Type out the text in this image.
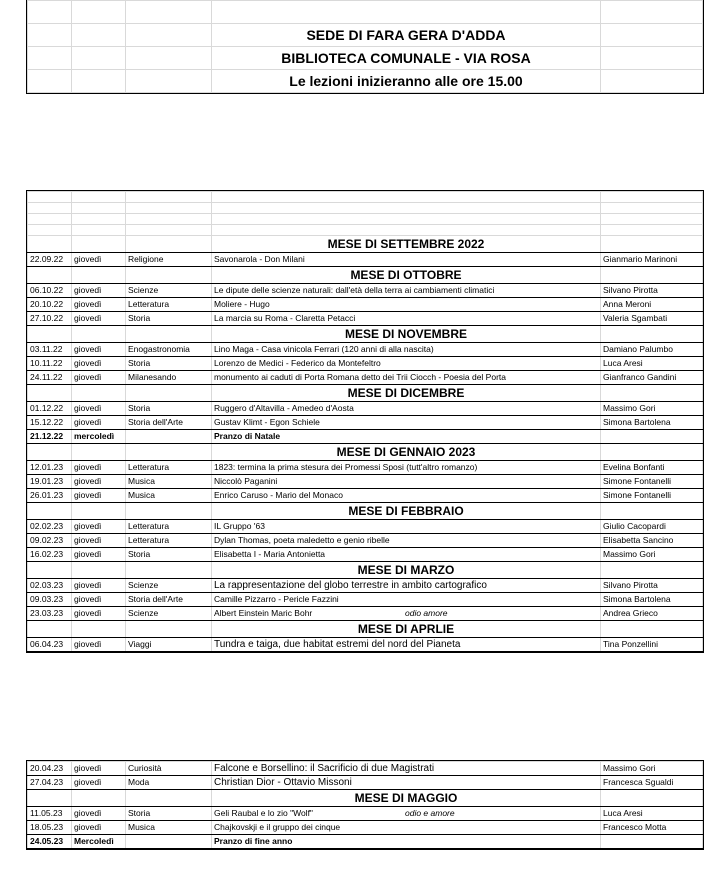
			SEDE DI FARA GERA D'ADDA	
			BIBLIOTECA COMUNALE - VIA ROSA	
			Le lezioni inizieranno alle ore 15.00	

			MESE DI SETTEMBRE 2022	
22.09.22	giovedì	Religione	Savonarola - Don Milani	Gianmario Marinoni
			MESE DI OTTOBRE	
06.10.22	giovedì	Scienze	Le dipute delle scienze naturali: dall'età della terra ai cambiamenti climatici	Silvano Pirotta
20.10.22	giovedì	Letteratura	Moliere - Hugo	Anna Meroni
27.10.22	giovedì	Storia	La marcia su Roma - Claretta Petacci	Valeria Sgambati
			MESE DI NOVEMBRE	
03.11.22	giovedì	Enogastronomia	Lino Maga - Casa vinicola Ferrari (120 anni di alla nascita)	Damiano Palumbo
10.11.22	giovedì	Storia	Lorenzo de Medici - Federico da Montefeltro	Luca Aresi
24.11.22	giovedì	Milanesando	monumento ai caduti di Porta Romana detto dei Trii Ciocch - Poesia del Porta	Gianfranco Gandini
			MESE DI DICEMBRE	
01.12.22	giovedì	Storia	Ruggero d'Altavilla - Amedeo d'Aosta	Massimo Gori
15.12.22	giovedì	Storia dell'Arte	Gustav Klimt - Egon Schiele	Simona Bartolena
21.12.22	mercoledì		Pranzo di Natale	
			MESE DI GENNAIO 2023	
12.01.23	giovedì	Letteratura	1823: termina la prima stesura dei Promessi Sposi (tutt'altro romanzo)	Evelina Bonfanti
19.01.23	giovedì	Musica	Niccolò Paganini	Simone Fontanelli
26.01.23	giovedì	Musica	Enrico Caruso - Mario del Monaco	Simone Fontanelli
			MESE DI FEBBRAIO	
02.02.23	giovedì	Letteratura	IL Gruppo '63	Giulio Cacopardi
09.02.23	giovedì	Letteratura	Dylan Thomas, poeta maledetto e genio ribelle	Elisabetta Sancino
16.02.23	giovedì	Storia	Elisabetta I - Maria Antonietta	Massimo Gori
			MESE DI MARZO	
02.03.23	giovedì	Scienze	La rappresentazione del globo terrestre in ambito cartografico	Silvano Pirotta
09.03.23	giovedì	Storia dell'Arte	Camille Pizzarro - Pericle Fazzini	Simona Bartolena
23.03.23	giovedì	Scienze	Albert Einstein Maric Bohr odio amore	Andrea Grieco
			MESE DI APRLIE	
06.04.23	giovedì	Viaggi	Tundra e taiga, due habitat estremi del nord del Pianeta	Tina Ponzellini
20.04.23	giovedì	Curiosità	Falcone e Borsellino: il Sacrificio di due Magistrati	Massimo Gori
27.04.23	giovedì	Moda	Christian Dior - Ottavio Missoni	Francesca Sgualdi
			MESE DI MAGGIO	
11.05.23	giovedì	Storia	Geli Raubal e lo zio "Wolf" odio e amore	Luca Aresi
18.05.23	giovedì	Musica	Chajkovskji e il gruppo dei cinque	Francesco Motta
24.05.23	Mercoledì		Pranzo di fine anno	
